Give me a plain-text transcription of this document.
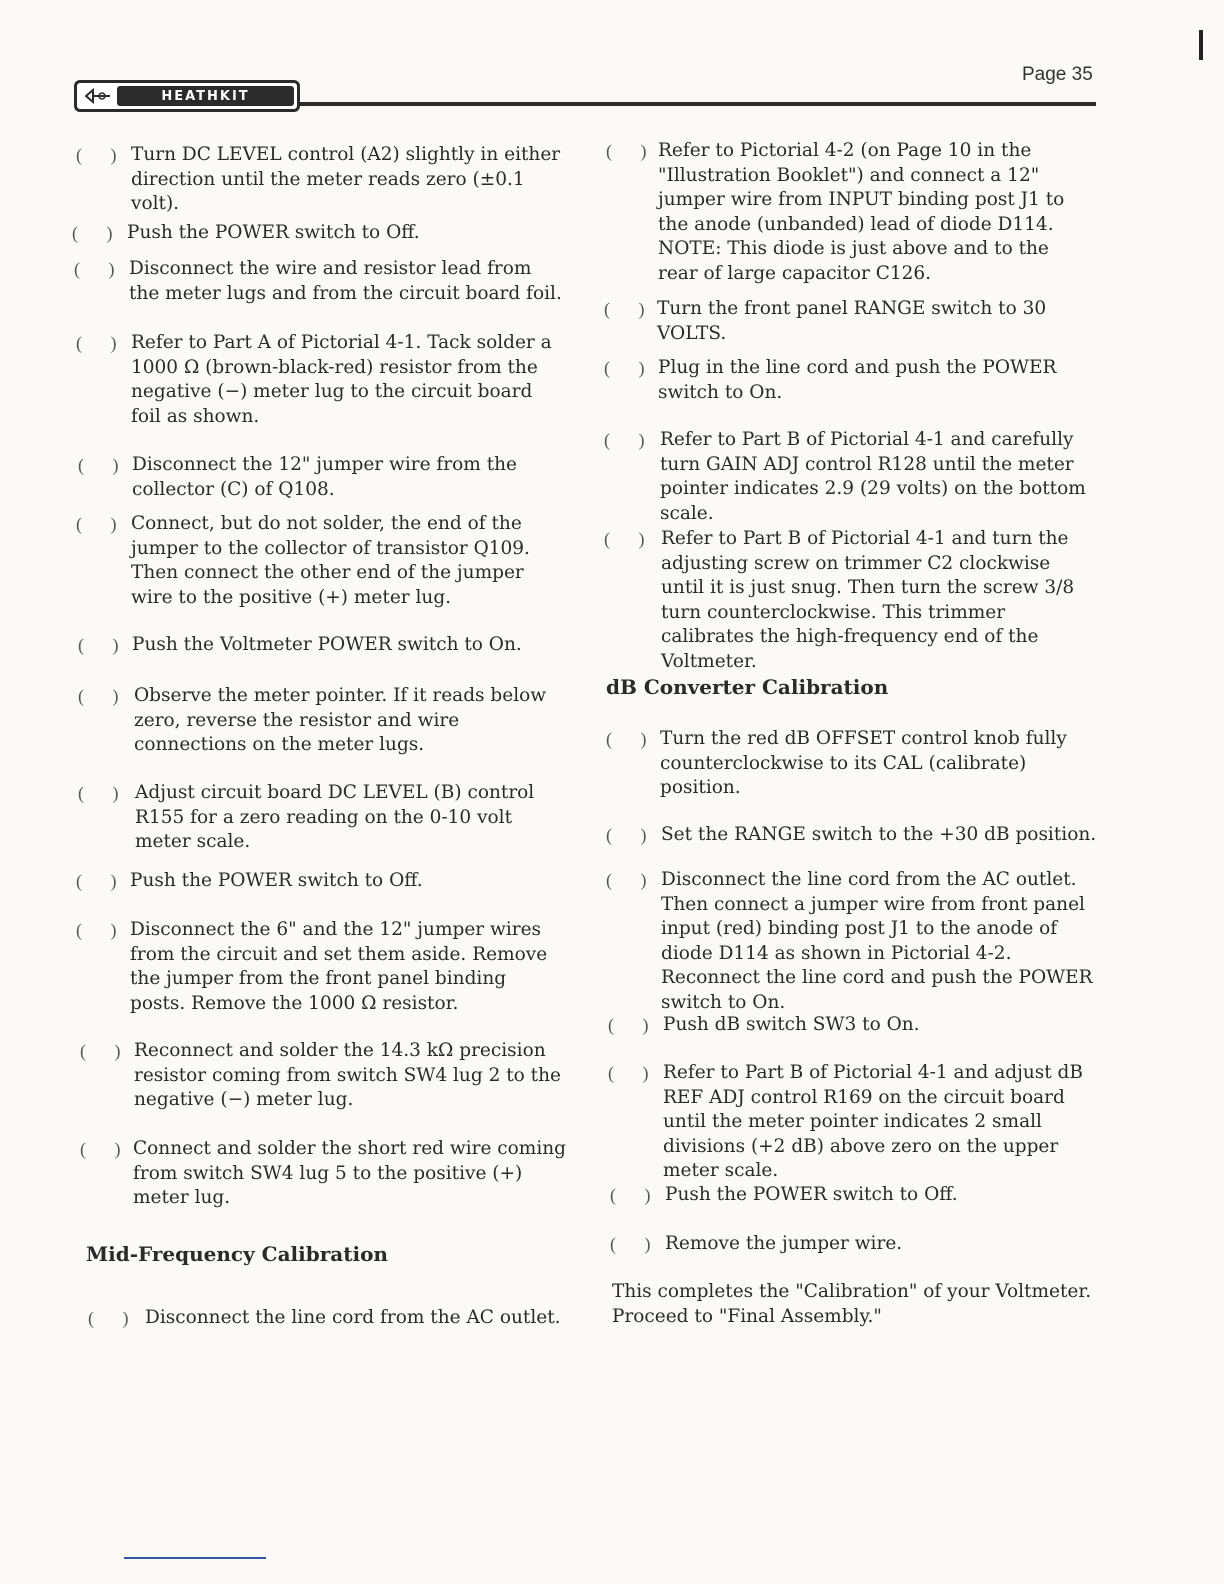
HEATHKIT
Page 35
( ) Turn DC LEVEL control (A2) slightly in either direction until the meter reads zero (±0.1 volt).
( ) Push the POWER switch to Off.
( ) Disconnect the wire and resistor lead from the meter lugs and from the circuit board foil.
( ) Refer to Part A of Pictorial 4-1. Tack solder a 1000 Ω (brown-black-red) resistor from the negative (−) meter lug to the circuit board foil as shown.
( ) Disconnect the 12" jumper wire from the collector (C) of Q108.
( ) Connect, but do not solder, the end of the jumper to the collector of transistor Q109. Then connect the other end of the jumper wire to the positive (+) meter lug.
( ) Push the Voltmeter POWER switch to On.
( ) Observe the meter pointer. If it reads below zero, reverse the resistor and wire connections on the meter lugs.
( ) Adjust circuit board DC LEVEL (B) control R155 for a zero reading on the 0-10 volt meter scale.
( ) Push the POWER switch to Off.
( ) Disconnect the 6" and the 12" jumper wires from the circuit and set them aside. Remove the jumper from the front panel binding posts. Remove the 1000 Ω resistor.
( ) Reconnect and solder the 14.3 kΩ precision resistor coming from switch SW4 lug 2 to the negative (−) meter lug.
( ) Connect and solder the short red wire coming from switch SW4 lug 5 to the positive (+) meter lug.
Mid-Frequency Calibration
( ) Disconnect the line cord from the AC outlet.
( ) Refer to Pictorial 4-2 (on Page 10 in the "Illustration Booklet") and connect a 12" jumper wire from INPUT binding post J1 to the anode (unbanded) lead of diode D114. NOTE: This diode is just above and to the rear of large capacitor C126.
( ) Turn the front panel RANGE switch to 30 VOLTS.
( ) Plug in the line cord and push the POWER switch to On.
( ) Refer to Part B of Pictorial 4-1 and carefully turn GAIN ADJ control R128 until the meter pointer indicates 2.9 (29 volts) on the bottom scale.
( ) Refer to Part B of Pictorial 4-1 and turn the adjusting screw on trimmer C2 clockwise until it is just snug. Then turn the screw 3/8 turn counterclockwise. This trimmer calibrates the high-frequency end of the Voltmeter.
dB Converter Calibration
( ) Turn the red dB OFFSET control knob fully counterclockwise to its CAL (calibrate) position.
( ) Set the RANGE switch to the +30 dB position.
( ) Disconnect the line cord from the AC outlet. Then connect a jumper wire from front panel input (red) binding post J1 to the anode of diode D114 as shown in Pictorial 4-2. Reconnect the line cord and push the POWER switch to On.
( ) Push dB switch SW3 to On.
( ) Refer to Part B of Pictorial 4-1 and adjust dB REF ADJ control R169 on the circuit board until the meter pointer indicates 2 small divisions (+2 dB) above zero on the upper meter scale.
( ) Push the POWER switch to Off.
( ) Remove the jumper wire.
This completes the "Calibration" of your Voltmeter. Proceed to "Final Assembly."
